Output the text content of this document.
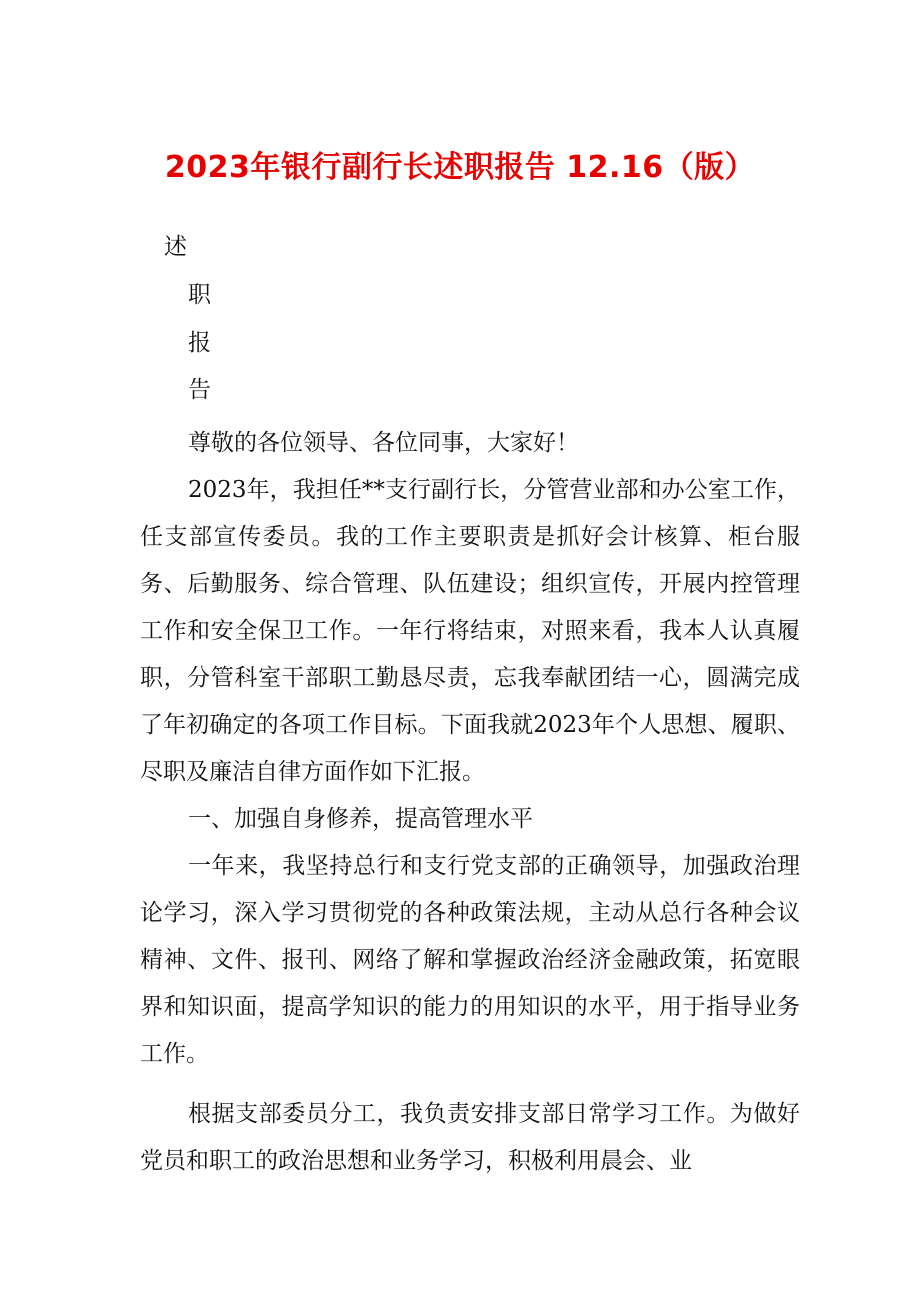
2023年银行副行长述职报告 12.16（版）
述
职
报
告

尊敬的各位领导、各位同事，大家好！

2023年，我担任**支行副行长，分管营业部和办公室工作，任支部宣传委员。我的工作主要职责是抓好会计核算、柜台服务、后勤服务、综合管理、队伍建设；组织宣传，开展内控管理工作和安全保卫工作。一年行将结束，对照来看，我本人认真履职，分管科室干部职工勤恳尽责，忘我奉献团结一心，圆满完成了年初确定的各项工作目标。下面我就2023年个人思想、履职、尽职及廉洁自律方面作如下汇报。

一、加强自身修养，提高管理水平

一年来，我坚持总行和支行党支部的正确领导，加强政治理论学习，深入学习贯彻党的各种政策法规，主动从总行各种会议精神、文件、报刊、网络了解和掌握政治经济金融政策，拓宽眼界和知识面，提高学知识的能力的用知识的水平，用于指导业务工作。

根据支部委员分工，我负责安排支部日常学习工作。为做好党员和职工的政治思想和业务学习，积极利用晨会、业
